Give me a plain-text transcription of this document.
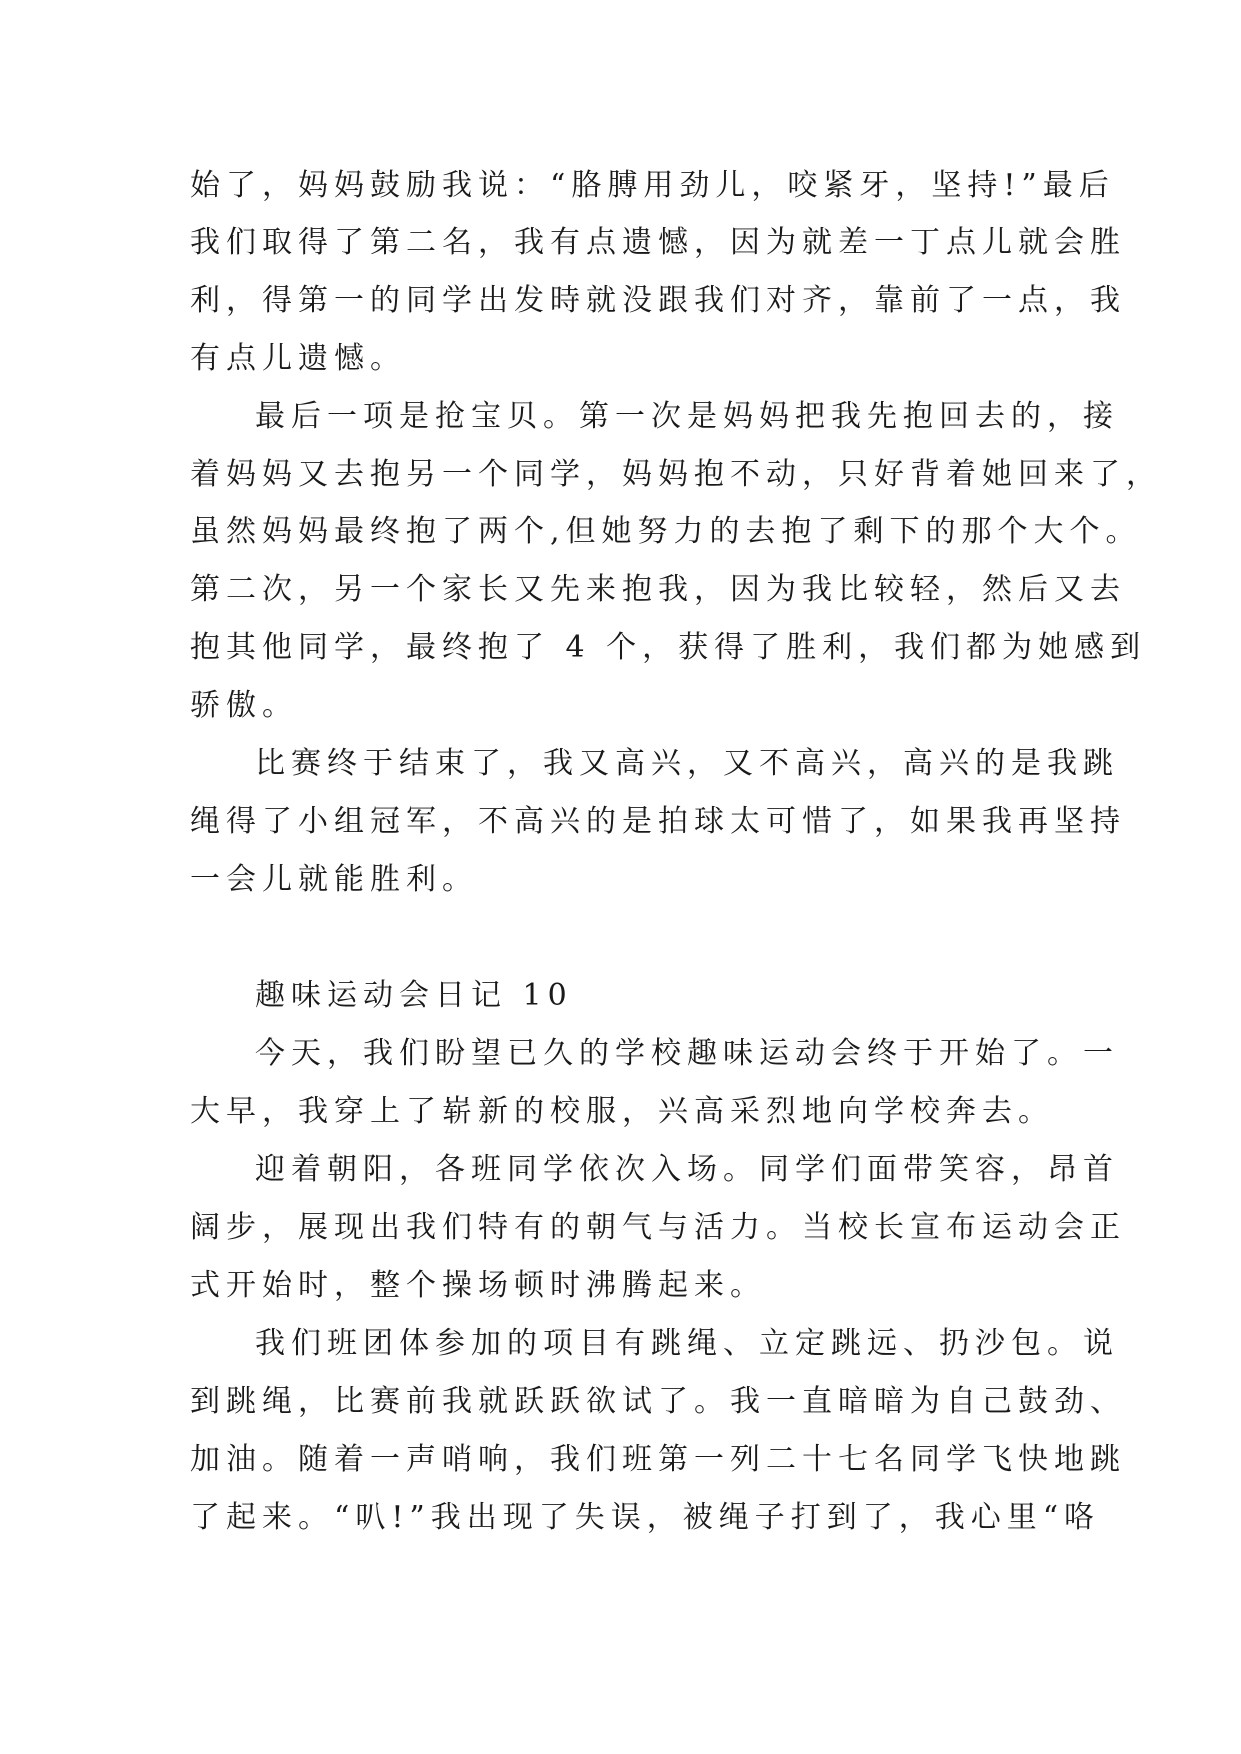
始了，妈妈鼓励我说：“胳膊用劲儿，咬紧牙，坚持!”最后
我们取得了第二名，我有点遗憾，因为就差一丁点儿就会胜
利，得第一的同学出发時就没跟我们对齐，靠前了一点，我
有点儿遗憾。
最后一项是抢宝贝。第一次是妈妈把我先抱回去的，接
着妈妈又去抱另一个同学，妈妈抱不动，只好背着她回来了，
虽然妈妈最终抱了两个,但她努力的去抱了剩下的那个大个。
第二次，另一个家长又先来抱我，因为我比较轻，然后又去
抱其他同学，最终抱了 4 个，获得了胜利，我们都为她感到
骄傲。
比赛终于结束了，我又高兴，又不高兴，高兴的是我跳
绳得了小组冠军，不高兴的是拍球太可惜了，如果我再坚持
一会儿就能胜利。
趣味运动会日记 10
今天，我们盼望已久的学校趣味运动会终于开始了。一
大早，我穿上了崭新的校服，兴高采烈地向学校奔去。
迎着朝阳，各班同学依次入场。同学们面带笑容，昂首
阔步，展现出我们特有的朝气与活力。当校长宣布运动会正
式开始时，整个操场顿时沸腾起来。
我们班团体参加的项目有跳绳、立定跳远、扔沙包。说
到跳绳，比赛前我就跃跃欲试了。我一直暗暗为自己鼓劲、
加油。随着一声哨响，我们班第一列二十七名同学飞快地跳
了起来。“叭!”我出现了失误，被绳子打到了，我心里“咯
